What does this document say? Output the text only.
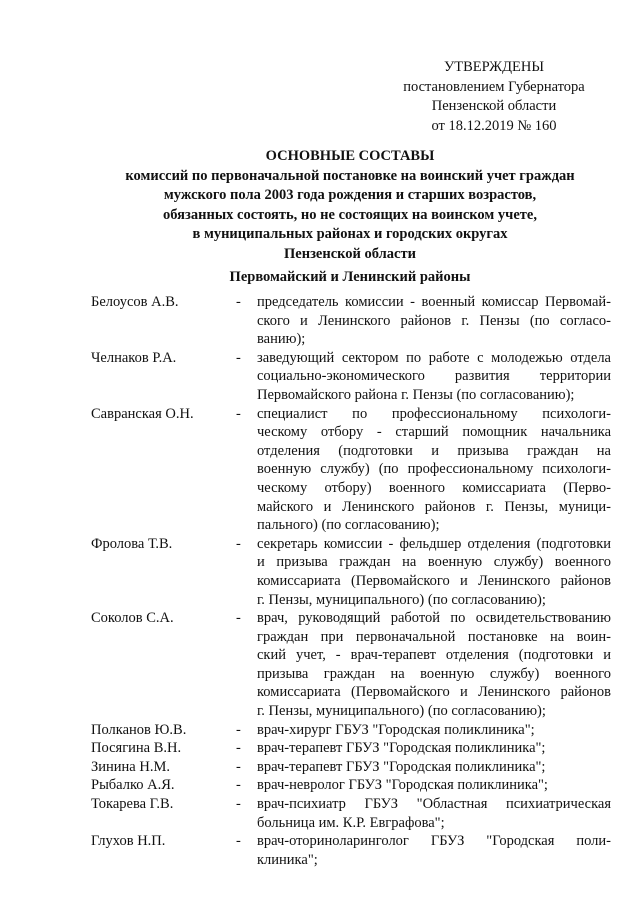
УТВЕРЖДЕНЫ
постановлением Губернатора
Пензенской области
от 18.12.2019 № 160
ОСНОВНЫЕ СОСТАВЫ
комиссий по первоначальной постановке на воинский учет граждан
мужского пола 2003 года рождения и старших возрастов,
обязанных состоять, но не состоящих на воинском учете,
в муниципальных районах и городских округах
Пензенской области
Первомайский и Ленинский районы
Белоусов А.В.	- председатель комиссии - военный комиссар Первомай-
ского и Ленинского районов г. Пензы (по согласо-
ванию);
Челнаков Р.А.	- заведующий сектором по работе с молодежью отдела
социально-экономического развития территории
Первомайского района г. Пензы (по согласованию);
Савранская О.Н.	- специалист по профессиональному психологи-
ческому отбору - старший помощник начальника
отделения (подготовки и призыва граждан на
военную службу) (по профессиональному психологи-
ческому отбору) военного комиссариата (Перво-
майского и Ленинского районов г. Пензы, муници-
пального) (по согласованию);
Фролова Т.В.	- секретарь комиссии - фельдшер отделения (подготовки
и призыва граждан на военную службу) военного
комиссариата (Первомайского и Ленинского районов
г. Пензы, муниципального) (по согласованию);
Соколов С.А.	- врач, руководящий работой по освидетельствованию
граждан при первоначальной постановке на воин-
ский учет, - врач-терапевт отделения (подготовки и
призыва граждан на военную службу) военного
комиссариата (Первомайского и Ленинского районов
г. Пензы, муниципального) (по согласованию);
Полканов Ю.В.	- врач-хирург ГБУЗ "Городская поликлиника";
Посягина В.Н.	- врач-терапевт ГБУЗ "Городская поликлиника";
Зинина Н.М.	- врач-терапевт ГБУЗ "Городская поликлиника";
Рыбалко А.Я.	- врач-невролог ГБУЗ "Городская поликлиника";
Токарева Г.В.	- врач-психиатр ГБУЗ "Областная психиатрическая
больница им. К.Р. Евграфова";
Глухов Н.П.	- врач-оториноларинголог ГБУЗ "Городская поли-
клиника";
